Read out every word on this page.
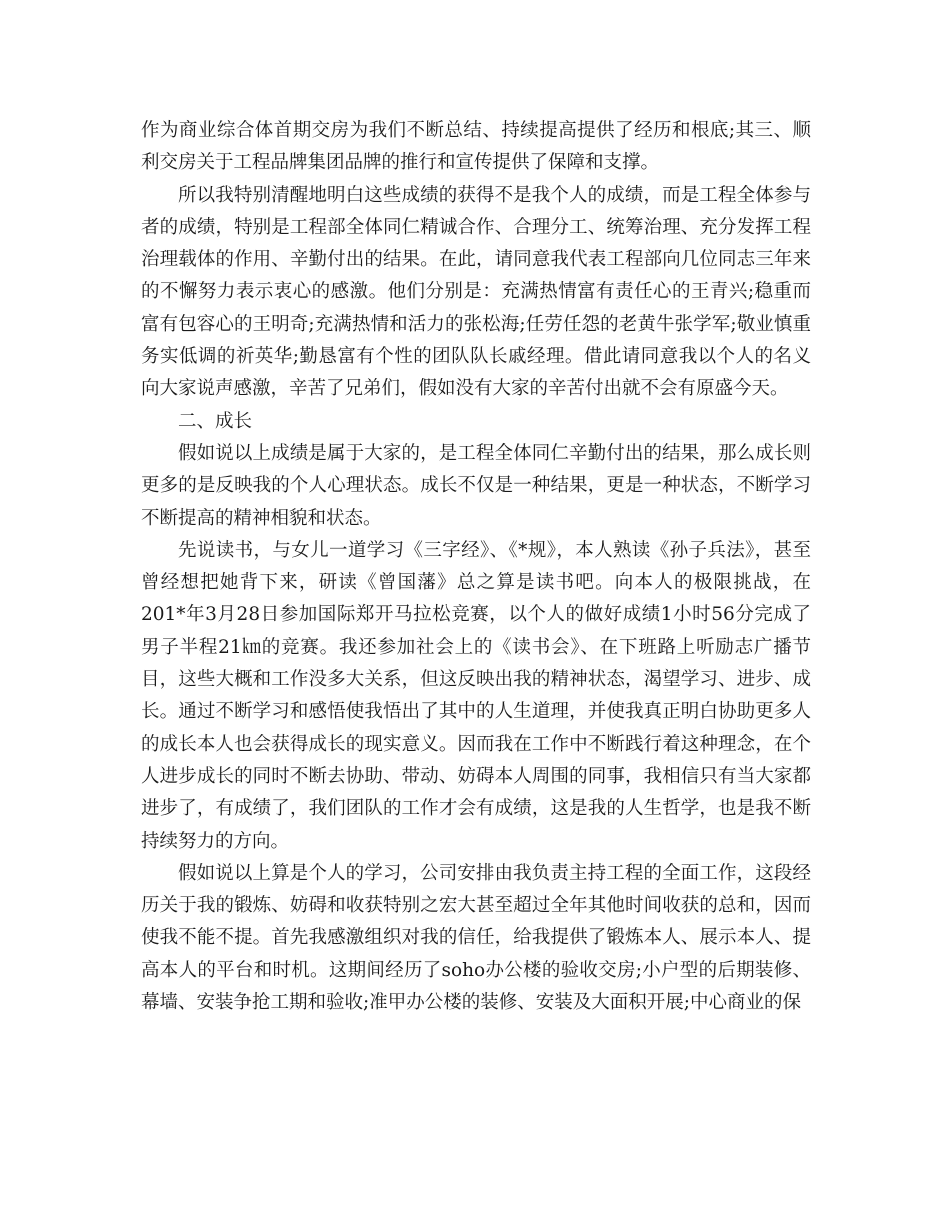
作为商业综合体首期交房为我们不断总结、持续提高提供了经历和根底;其三、顺利交房关于工程品牌集团品牌的推行和宣传提供了保障和支撑。

所以我特别清醒地明白这些成绩的获得不是我个人的成绩，而是工程全体参与者的成绩，特别是工程部全体同仁精诚合作、合理分工、统筹治理、充分发挥工程治理载体的作用、辛勤付出的结果。在此，请同意我代表工程部向几位同志三年来的不懈努力表示衷心的感激。他们分别是：充满热情富有责任心的王青兴;稳重而富有包容心的王明奇;充满热情和活力的张松海;任劳任怨的老黄牛张学军;敬业慎重务实低调的祈英华;勤恳富有个性的团队队长戚经理。借此请同意我以个人的名义向大家说声感激，辛苦了兄弟们，假如没有大家的辛苦付出就不会有原盛今天。

二、成长

假如说以上成绩是属于大家的，是工程全体同仁辛勤付出的结果，那么成长则更多的是反映我的个人心理状态。成长不仅是一种结果，更是一种状态，不断学习不断提高的精神相貌和状态。

先说读书，与女儿一道学习《三字经》、《*规》，本人熟读《孙子兵法》，甚至曾经想把她背下来，研读《曾国藩》总之算是读书吧。向本人的极限挑战，在201*年3月28日参加国际郑开马拉松竞赛，以个人的做好成绩1小时56分完成了男子半程21㎞的竞赛。我还参加社会上的《读书会》、在下班路上听励志广播节目，这些大概和工作没多大关系，但这反映出我的精神状态，渴望学习、进步、成长。通过不断学习和感悟使我悟出了其中的人生道理，并使我真正明白协助更多人的成长本人也会获得成长的现实意义。因而我在工作中不断践行着这种理念，在个人进步成长的同时不断去协助、带动、妨碍本人周围的同事，我相信只有当大家都进步了，有成绩了，我们团队的工作才会有成绩，这是我的人生哲学，也是我不断持续努力的方向。

假如说以上算是个人的学习，公司安排由我负责主持工程的全面工作，这段经历关于我的锻炼、妨碍和收获特别之宏大甚至超过全年其他时间收获的总和，因而使我不能不提。首先我感激组织对我的信任，给我提供了锻炼本人、展示本人、提高本人的平台和时机。这期间经历了soho办公楼的验收交房;小户型的后期装修、幕墙、安装争抢工期和验收;准甲办公楼的装修、安装及大面积开展;中心商业的保
